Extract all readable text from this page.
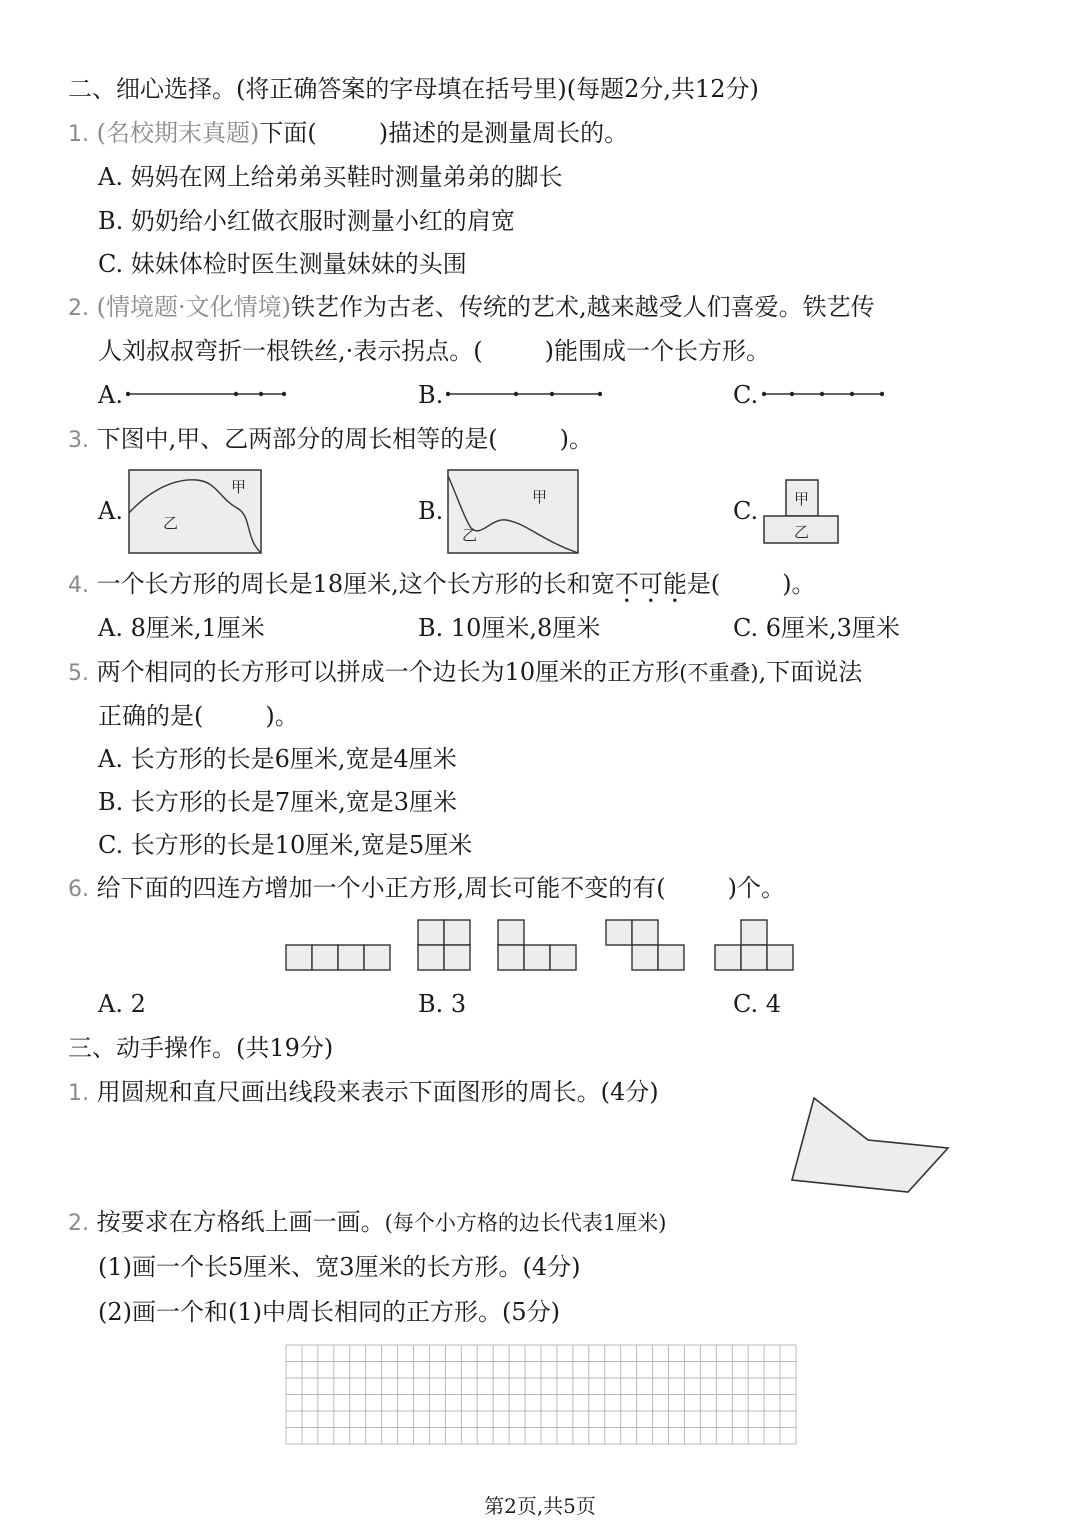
二、细心选择。(将正确答案的字母填在括号里)(每题2分,共12分)
1. (名校期末真题)下面(	)描述的是测量周长的。
A. 妈妈在网上给弟弟买鞋时测量弟弟的脚长
B. 奶奶给小红做衣服时测量小红的肩宽
C. 妹妹体检时医生测量妹妹的头围
2. (情境题·文化情境)铁艺作为古老、传统的艺术,越来越受人们喜爱。铁艺传
人刘叔叔弯折一根铁丝,·表示拐点。(	)能围成一个长方形。
A.	B.	C.
3. 下图中,甲、乙两部分的周长相等的是(	)。
A.
甲
乙	B.	甲
乙
C. 甲
乙
4. 一个长方形的周长是18厘米,这个长方形的长和宽不可能是(	)。
A. 8厘米,1厘米	B. 10厘米,8厘米	C. 6厘米,3厘米
5. 两个相同的长方形可以拼成一个边长为10厘米的正方形(不重叠),下面说法
正确的是(	)。
A. 长方形的长是6厘米,宽是4厘米
B. 长方形的长是7厘米,宽是3厘米
C. 长方形的长是10厘米,宽是5厘米
6. 给下面的四连方增加一个小正方形,周长可能不变的有(	)个。
A. 2	B. 3	C. 4
三、动手操作。(共19分)
1. 用圆规和直尺画出线段来表示下面图形的周长。(4分)
2. 按要求在方格纸上画一画。(每个小方格的边长代表1厘米)
(1)画一个长5厘米、宽3厘米的长方形。(4分)
(2)画一个和(1)中周长相同的正方形。(5分)
第2页,共5页
